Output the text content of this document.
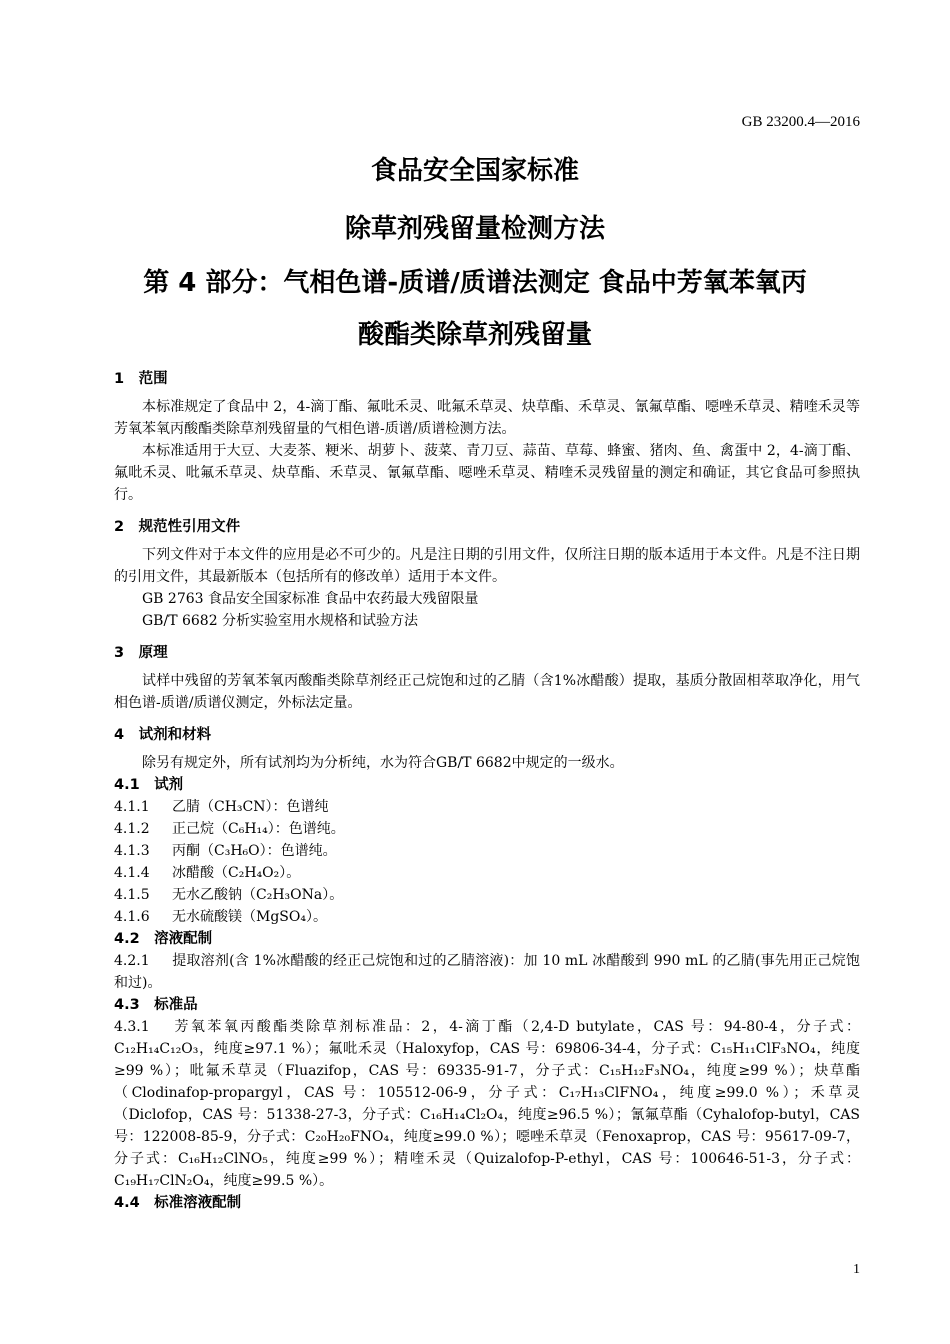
GB 23200.4—2016
食品安全国家标准
除草剂残留量检测方法
第 4 部分：气相色谱-质谱/质谱法测定 食品中芳氧苯氧丙
酸酯类除草剂残留量
1　范围
本标准规定了食品中 2，4-滴丁酯、氟吡禾灵、吡氟禾草灵、炔草酯、禾草灵、氰氟草酯、噁唑禾草灵、精喹禾灵等芳氧苯氧丙酸酯类除草剂残留量的气相色谱-质谱/质谱检测方法。
本标准适用于大豆、大麦茶、粳米、胡萝卜、菠菜、青刀豆、蒜苗、草莓、蜂蜜、猪肉、鱼、禽蛋中 2，4-滴丁酯、氟吡禾灵、吡氟禾草灵、炔草酯、禾草灵、氰氟草酯、噁唑禾草灵、精喹禾灵残留量的测定和确证，其它食品可参照执行。
2　规范性引用文件
下列文件对于本文件的应用是必不可少的。凡是注日期的引用文件，仅所注日期的版本适用于本文件。凡是不注日期的引用文件，其最新版本（包括所有的修改单）适用于本文件。
GB 2763 食品安全国家标准 食品中农药最大残留限量
GB/T 6682 分析实验室用水规格和试验方法
3　原理
试样中残留的芳氧苯氧丙酸酯类除草剂经正己烷饱和过的乙腈（含1%冰醋酸）提取，基质分散固相萃取净化，用气相色谱-质谱/质谱仪测定，外标法定量。
4　试剂和材料
除另有规定外，所有试剂均为分析纯，水为符合GB/T 6682中规定的一级水。
4.1　试剂
4.1.1 乙腈（CH₃CN）：色谱纯
4.1.2 正己烷（C₆H₁₄）：色谱纯。
4.1.3 丙酮（C₃H₆O）：色谱纯。
4.1.4 冰醋酸（C₂H₄O₂）。
4.1.5 无水乙酸钠（C₂H₃ONa）。
4.1.6 无水硫酸镁（MgSO₄）。
4.2　溶液配制
4.2.1 提取溶剂(含 1%冰醋酸的经正己烷饱和过的乙腈溶液)：加 10 mL 冰醋酸到 990 mL 的乙腈(事先用正己烷饱和过)。
4.3　标准品
4.3.1 芳氧苯氧丙酸酯类除草剂标准品：2，4-滴丁酯（2,4-D butylate，CAS 号：94-80-4，分子式：C₁₂H₁₄C₁₂O₃，纯度≥97.1 %）；氟吡禾灵（Haloxyfop，CAS 号：69806-34-4，分子式：C₁₅H₁₁ClF₃NO₄，纯度≥99 %）；吡氟禾草灵（Fluazifop，CAS 号：69335-91-7，分子式：C₁₅H₁₂F₃NO₄，纯度≥99 %）；炔草酯（Clodinafop-propargyl，CAS 号：105512-06-9，分子式：C₁₇H₁₃ClFNO₄，纯度≥99.0 %）；禾草灵（Diclofop，CAS 号：51338-27-3，分子式：C₁₆H₁₄Cl₂O₄，纯度≥96.5 %）；氰氟草酯（Cyhalofop-butyl，CAS 号：122008-85-9，分子式：C₂₀H₂₀FNO₄，纯度≥99.0 %）；噁唑禾草灵（Fenoxaprop，CAS 号：95617-09-7，分子式：C₁₆H₁₂ClNO₅，纯度≥99 %）；精喹禾灵（Quizalofop-P-ethyl，CAS 号：100646-51-3，分子式：C₁₉H₁₇ClN₂O₄，纯度≥99.5 %）。
4.4　标准溶液配制
1
